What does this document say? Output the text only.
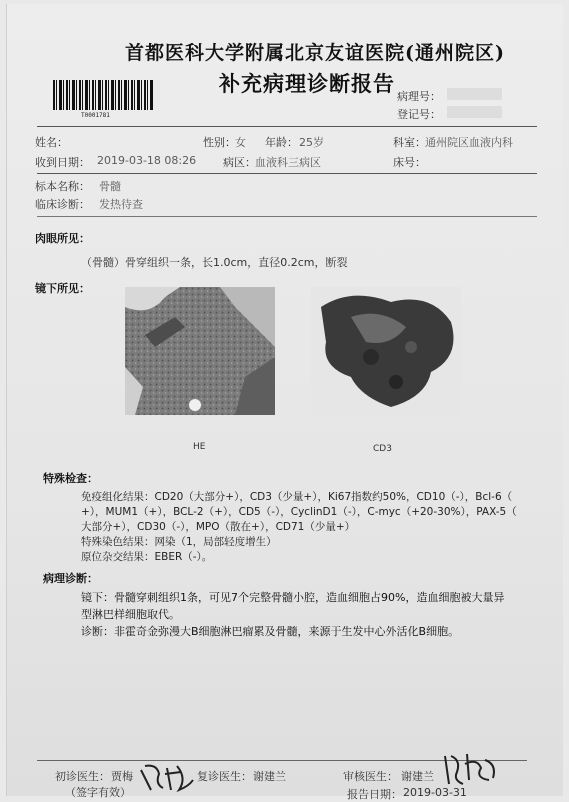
首都医科大学附属北京友谊医院(通州院区)
补充病理诊断报告
T0001781
病理号：
登记号：
姓名：	性别： 女 年龄： 25岁	科室： 通州院区血液内科
收到日期： 2019-03-18 08:26 病区： 血液科三病区	床号：
标本名称： 骨髓
临床诊断： 发热待查
肉眼所见：
（骨髓）骨穿组织一条，长1.0cm，直径0.2cm，断裂
镜下所见：
HE	CD3
特殊检查：
免疫组化结果：CD20（大部分+），CD3（少量+），Ki67指数约50%，CD10（-），Bcl-6（
+），MUM1（+），BCL-2（+），CD5（-），CyclinD1（-），C-myc（+20-30%），PAX-5（
大部分+），CD30（-），MPO（散在+），CD71（少量+）
特殊染色结果：网染（1，局部轻度增生）
原位杂交结果：EBER（-）。
病理诊断：
镜下：骨髓穿刺组织1条，可见7个完整骨髓小腔，造血细胞占90%，造血细胞被大量异
型淋巴样细胞取代。
诊断：非霍奇金弥漫大B细胞淋巴瘤累及骨髓，来源于生发中心外活化B细胞。
初诊医生： 贾梅	复诊医生： 谢建兰	审核医生： 谢建兰
（签字有效）	报告日期： 2019-03-31
